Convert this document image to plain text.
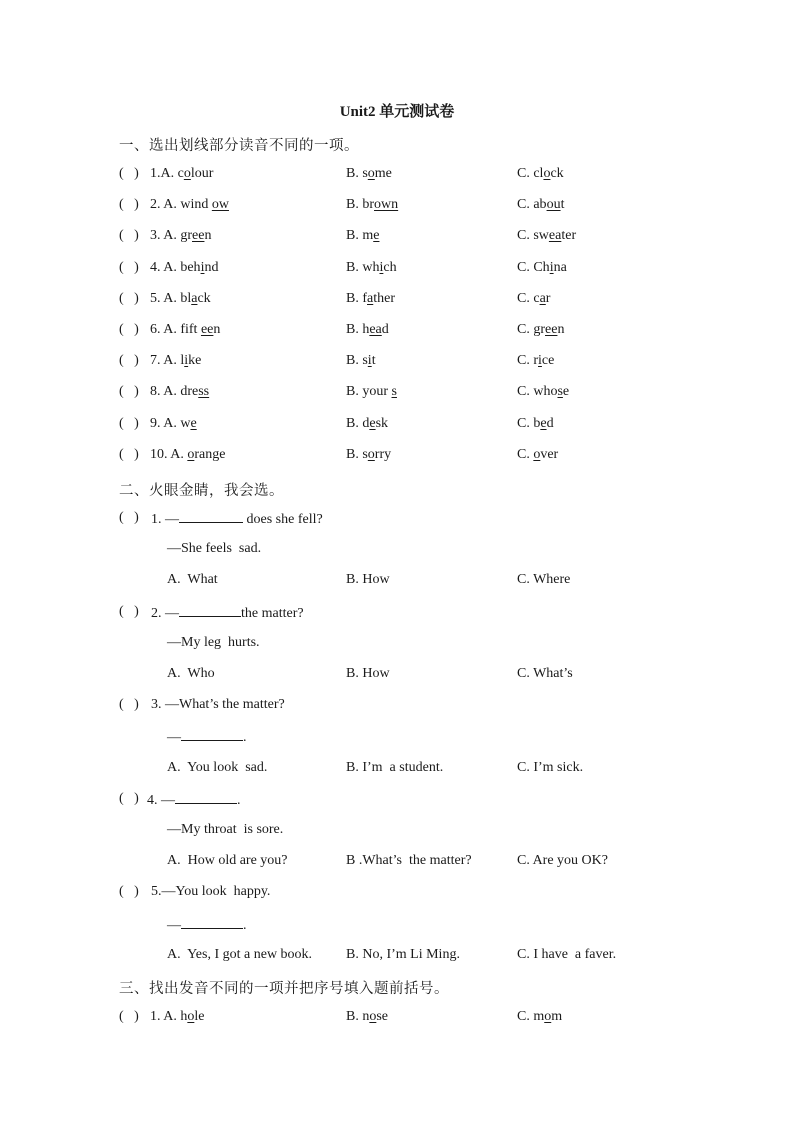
Unit2 单元测试卷
一、选出划线部分读音不同的一项。
(   ) 1.A. colour	B. some	C. clock
(   ) 2. A. wind ow	B. brown	C. about
(   ) 3. A. green	B. me	C. sweater
(   ) 4. A. behind	B. which	C. China
(   ) 5. A. black	B. father	C. car
(   ) 6. A. fift een	B. head	C. green
(   ) 7. A. like	B. sit	C. rice
(   ) 8. A. dress	B. your s	C. whose
(   ) 9. A. we	B. desk	C. bed
(   ) 10. A. orange	B. sorry	C. over
二、火眼金睛，我会选。
(   ) 1. —	does she fell?
—She feels  sad.
A.  What	B. How	C. Where
(   ) 2. —	the matter?
—My leg  hurts.
A.  Who	B. How	C. What’s
(   ) 3. —What’s the matter?
—	.
A.  You look  sad.	B. I’m  a student.	C. I’m sick.
(   ) 4. —	.
—My throat  is sore.
A.  How old are you?	B .What’s  the matter?	C. Are you OK?
(   ) 5.—You look  happy.
—	.
A.  Yes, I got a new book. B. No, I’m Li Ming.	C. I have  a faver.
三、找出发音不同的一项并把序号填入题前括号。
(   ) 1. A. hole	B. nose	C. mom
